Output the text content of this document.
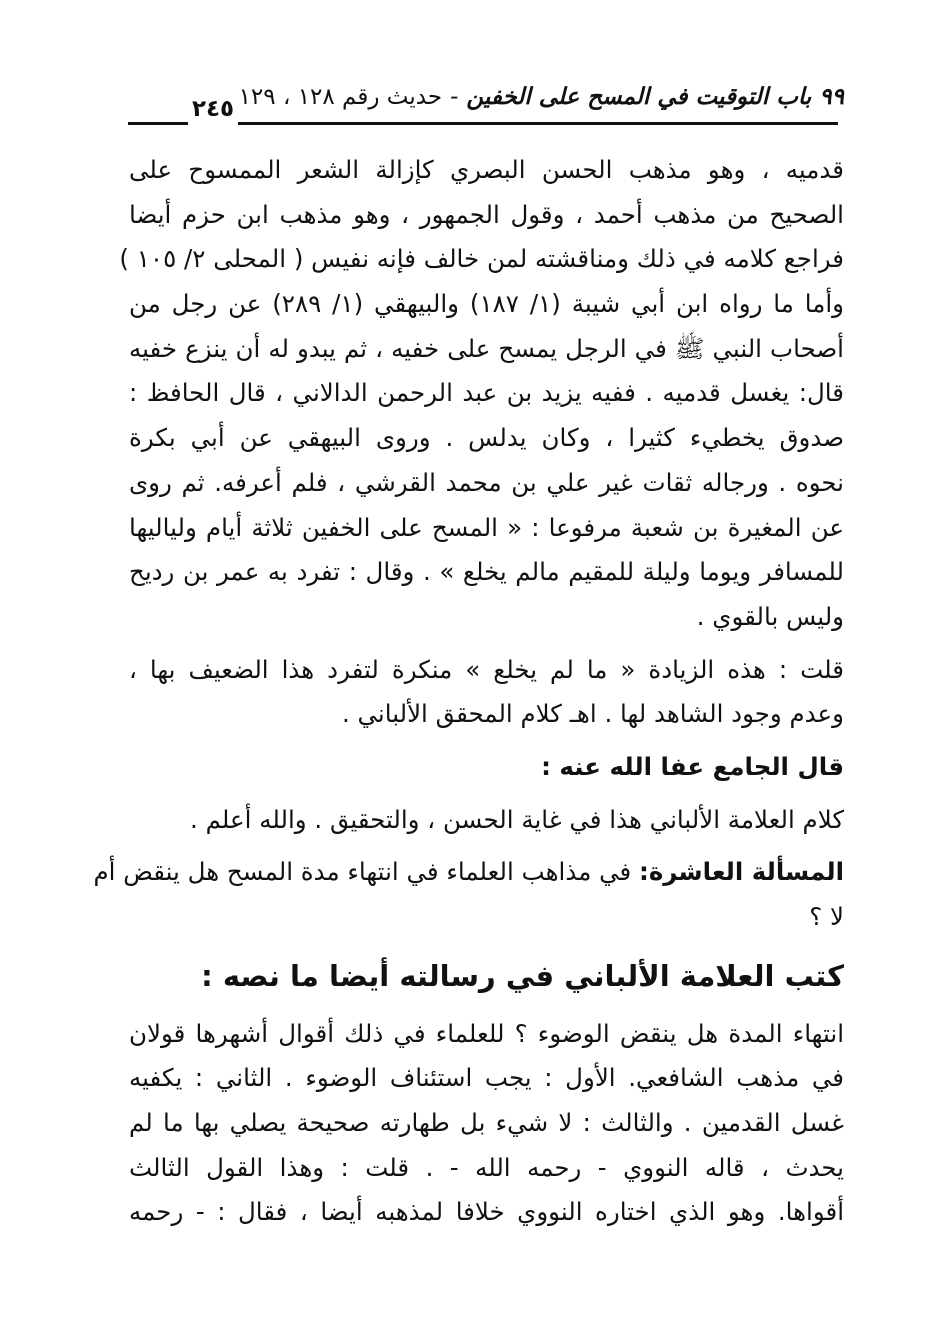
٩٩ باب التوقيت في المسح على الخفين
-
حديث رقم ١٢٨ ، ١٢٩
٢٤٥
قدميه ، وهو مذهب الحسن البصري كإزالة الشعر الممسوح على
الصحيح من مذهب أحمد ، وقول الجمهور ، وهو مذهب ابن حزم أيضا
فراجع كلامه في ذلك ومناقشته لمن خالف فإنه نفيس ( المحلى ٢/ ١٠٥ )
وأما ما رواه ابن أبي شيبة (١/ ١٨٧) والبيهقي (١/ ٢٨٩) عن رجل من
أصحاب النبي ﷺ في الرجل يمسح على خفيه ، ثم يبدو له أن ينزع خفيه
قال: يغسل قدميه . ففيه يزيد بن عبد الرحمن الدالاني ، قال الحافظ :
صدوق يخطيء كثيرا ، وكان يدلس . وروى البيهقي عن أبي بكرة
نحوه . ورجاله ثقات غير علي بن محمد القرشي ، فلم أعرفه. ثم روى
عن المغيرة بن شعبة مرفوعا : « المسح على الخفين ثلاثة أيام ولياليها
للمسافر ويوما وليلة للمقيم مالم يخلع » . وقال : تفرد به عمر بن رديح
وليس بالقوي .
قلت : هذه الزيادة « ما لم يخلع » منكرة لتفرد هذا الضعيف بها ،
وعدم وجود الشاهد لها . اهـ كلام المحقق الألباني .
قال الجامع عفا الله عنه :
كلام العلامة الألباني هذا في غاية الحسن ، والتحقيق . والله أعلم .
المسألة العاشرة: في مذاهب العلماء في انتهاء مدة المسح هل ينقض أم
لا ؟
كتب العلامة الألباني في رسالته أيضا ما نصه :
انتهاء المدة هل ينقض الوضوء ؟ للعلماء في ذلك أقوال أشهرها قولان
في مذهب الشافعي. الأول : يجب استئناف الوضوء . الثاني : يكفيه
غسل القدمين . والثالث : لا شيء بل طهارته صحيحة يصلي بها ما لم
يحدث ، قاله النووي - رحمه الله - . قلت : وهذا القول الثالث
أقواها. وهو الذي اختاره النووي خلافا لمذهبه أيضا ، فقال : - رحمه
